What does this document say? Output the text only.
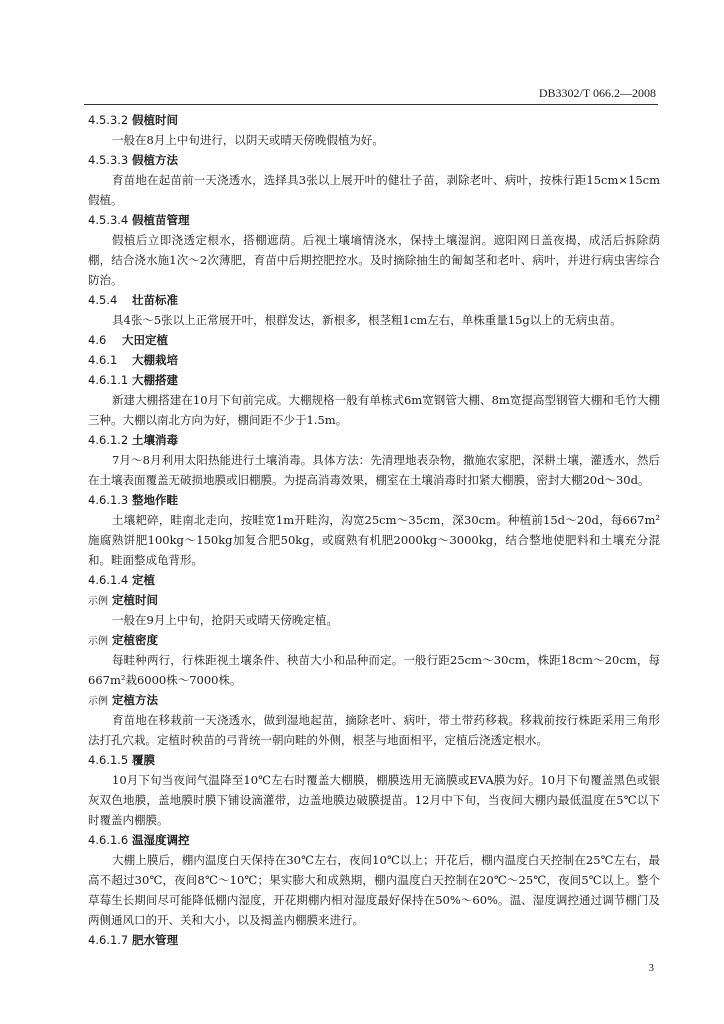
DB3302/T 066.2—2008
4.5.3.2 假植时间

一般在8月上中旬进行，以阴天或晴天傍晚假植为好。

4.5.3.3 假植方法

育苗地在起苗前一天浇透水，选择具3张以上展开叶的健壮子苗，剥除老叶、病叶，按株行距15cm×15cm假植。

4.5.3.4 假植苗管理

假植后立即浇透定根水，搭棚遮荫。后视土壤墒情浇水，保持土壤湿润。遮阳网日盖夜揭，成活后拆除荫棚，结合浇水施1次～2次薄肥，育苗中后期控肥控水。及时摘除抽生的匍匐茎和老叶、病叶，并进行病虫害综合防治。

4.5.4 壮苗标准

具4张～5张以上正常展开叶，根群发达，新根多，根茎粗1cm左右，单株重量15g以上的无病虫苗。

4.6 大田定植
4.6.1 大棚栽培
4.6.1.1 大棚搭建

新建大棚搭建在10月下旬前完成。大棚规格一般有单栋式6m宽钢管大棚、8m宽提高型钢管大棚和毛竹大棚三种。大棚以南北方向为好，棚间距不少于1.5m。

4.6.1.2 土壤消毒

7月～8月利用太阳热能进行土壤消毒。具体方法：先清理地表杂物，撒施农家肥，深耕土壤，灌透水，然后在土壤表面覆盖无破损地膜或旧棚膜。为提高消毒效果，棚室在土壤消毒时扣紧大棚膜，密封大棚20d～30d。

4.6.1.3 整地作畦

土壤耙碎，畦南北走向，按畦宽1m开畦沟，沟宽25cm～35cm，深30cm。种植前15d～20d，每667m²施腐熟饼肥100kg～150kg加复合肥50kg，或腐熟有机肥2000kg～3000kg，结合整地使肥料和土壤充分混和。畦面整成龟背形。

4.6.1.4 定植
示例 定植时间

一般在9月上中旬，抢阴天或晴天傍晚定植。

示例 定植密度

每畦种两行，行株距视土壤条件、秧苗大小和品种而定。一般行距25cm～30cm，株距18cm～20cm，每667m²栽6000株～7000株。

示例 定植方法

育苗地在移栽前一天浇透水，做到湿地起苗，摘除老叶、病叶，带土带药移栽。移栽前按行株距采用三角形法打孔穴栽。定植时秧苗的弓背统一朝向畦的外侧，根茎与地面相平，定植后浇透定根水。

4.6.1.5 覆膜

10月下旬当夜间气温降至10℃左右时覆盖大棚膜，棚膜选用无滴膜或EVA膜为好。10月下旬覆盖黑色或银灰双色地膜，盖地膜时膜下铺设滴灌带，边盖地膜边破膜提苗。12月中下旬，当夜间大棚内最低温度在5℃以下时覆盖内棚膜。

4.6.1.6 温湿度调控

大棚上膜后，棚内温度白天保持在30℃左右，夜间10℃以上；开花后，棚内温度白天控制在25℃左右，最高不超过30℃，夜间8℃～10℃；果实膨大和成熟期，棚内温度白天控制在20℃～25℃，夜间5℃以上。整个草莓生长期间尽可能降低棚内湿度，开花期棚内相对湿度最好保持在50%～60%。温、湿度调控通过调节棚门及两侧通风口的开、关和大小，以及揭盖内棚膜来进行。

4.6.1.7 肥水管理
3
